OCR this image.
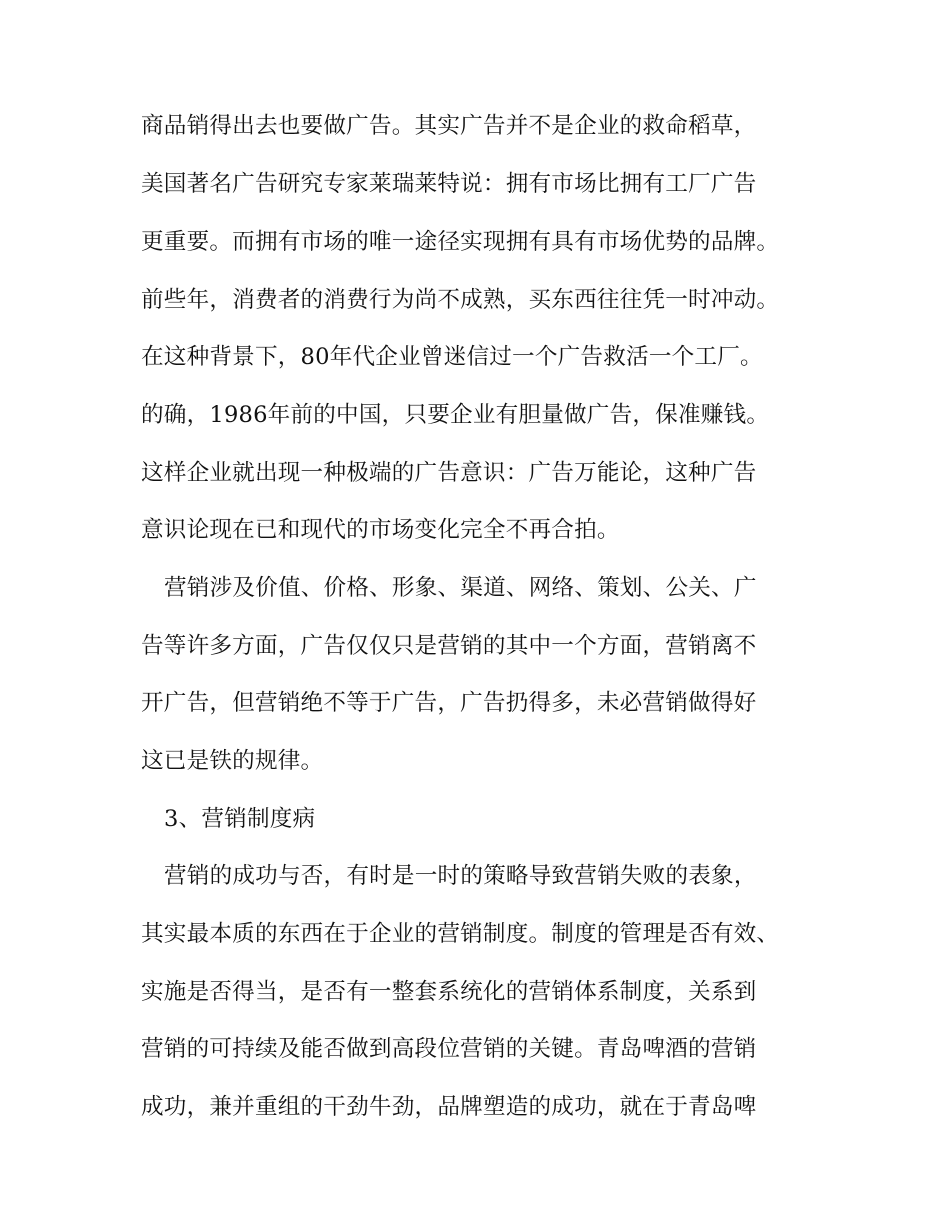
商品销得出去也要做广告。其实广告并不是企业的救命稻草，
美国著名广告研究专家莱瑞莱特说：拥有市场比拥有工厂广告
更重要。而拥有市场的唯一途径实现拥有具有市场优势的品牌。
前些年，消费者的消费行为尚不成熟，买东西往往凭一时冲动。
在这种背景下，80年代企业曾迷信过一个广告救活一个工厂。
的确，1986年前的中国，只要企业有胆量做广告，保准赚钱。
这样企业就出现一种极端的广告意识：广告万能论，这种广告
意识论现在已和现代的市场变化完全不再合拍。
营销涉及价值、价格、形象、渠道、网络、策划、公关、广
告等许多方面，广告仅仅只是营销的其中一个方面，营销离不
开广告，但营销绝不等于广告，广告扔得多，未必营销做得好
这已是铁的规律。
3、营销制度病
营销的成功与否，有时是一时的策略导致营销失败的表象，
其实最本质的东西在于企业的营销制度。制度的管理是否有效、
实施是否得当，是否有一整套系统化的营销体系制度，关系到
营销的可持续及能否做到高段位营销的关键。青岛啤酒的营销
成功，兼并重组的干劲牛劲，品牌塑造的成功，就在于青岛啤
